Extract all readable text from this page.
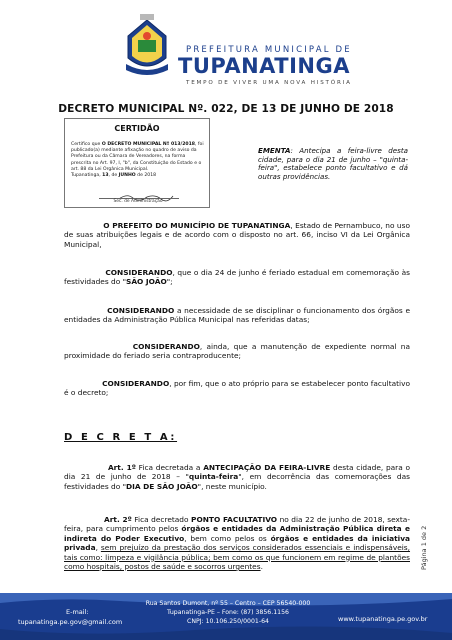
PREFEITURA MUNICIPAL DE
TUPANATINGA
TEMPO DE VIVER UMA NOVA HISTÓRIA
DECRETO MUNICIPAL Nº. 022, DE 13 DE JUNHO DE 2018
CERTIDÃO
Certifico que O DECRETO MUNICIPAL Nº 013/2018, foi publicado(a) mediante afixação no quadro de aviso da Prefeitura ou da Câmara de Vereadores, na forma prescrita no Art. 97, I, "b", da Constituição do Estado e o art. 88 da Lei Orgânica Municipal.
Tupanatinga, 13, de JUNHO de 2018
Sec. de Administração
EMENTA: Antecipa a feira-livre desta cidade, para o dia 21 de junho – "quinta-feira", estabelece ponto facultativo e dá outras providências.
O PREFEITO DO MUNICÍPIO DE TUPANATINGA, Estado de Pernambuco, no uso de suas atribuições legais e de acordo com o disposto no art. 66, inciso VI da Lei Orgânica Municipal,
CONSIDERANDO, que o dia 24 de junho é feriado estadual em comemoração às festividades do "SÃO JOÃO";
CONSIDERANDO a necessidade de se disciplinar o funcionamento dos órgãos e entidades da Administração Pública Municipal nas referidas datas;
CONSIDERANDO, ainda, que a manutenção de expediente normal na proximidade do feriado seria contraproducente;
CONSIDERANDO, por fim, que o ato próprio para se estabelecer ponto facultativo é o decreto;
D E C R E T A:
Art. 1º Fica decretada a ANTECIPAÇÃO DA FEIRA-LIVRE desta cidade, para o dia 21 de junho de 2018 – "quinta-feira", em decorrência das comemorações das festividades do "DIA DE SÃO JOÃO", neste município.
Art. 2º Fica decretado PONTO FACULTATIVO no dia 22 de junho de 2018, sexta-feira, para cumprimento pelos órgãos e entidades da Administração Pública direta e indireta do Poder Executivo, bem como pelos os órgãos e entidades da iniciativa privada, sem prejuízo da prestação dos serviços considerados essenciais e indispensáveis, tais como: limpeza e vigilância pública; bem como os que funcionem em regime de plantões como hospitais, postos de saúde e socorros urgentes.	Página 1 de 2
E-mail:
tupanatinga.pe.gov@gmail.com
Rua Santos Dumont, nº 55 – Centro – CEP 56540-000
Tupanatinga-PE – Fone: (87) 3856.1156
CNPJ: 10.106.250/0001-64	www.tupanatinga.pe.gov.br
